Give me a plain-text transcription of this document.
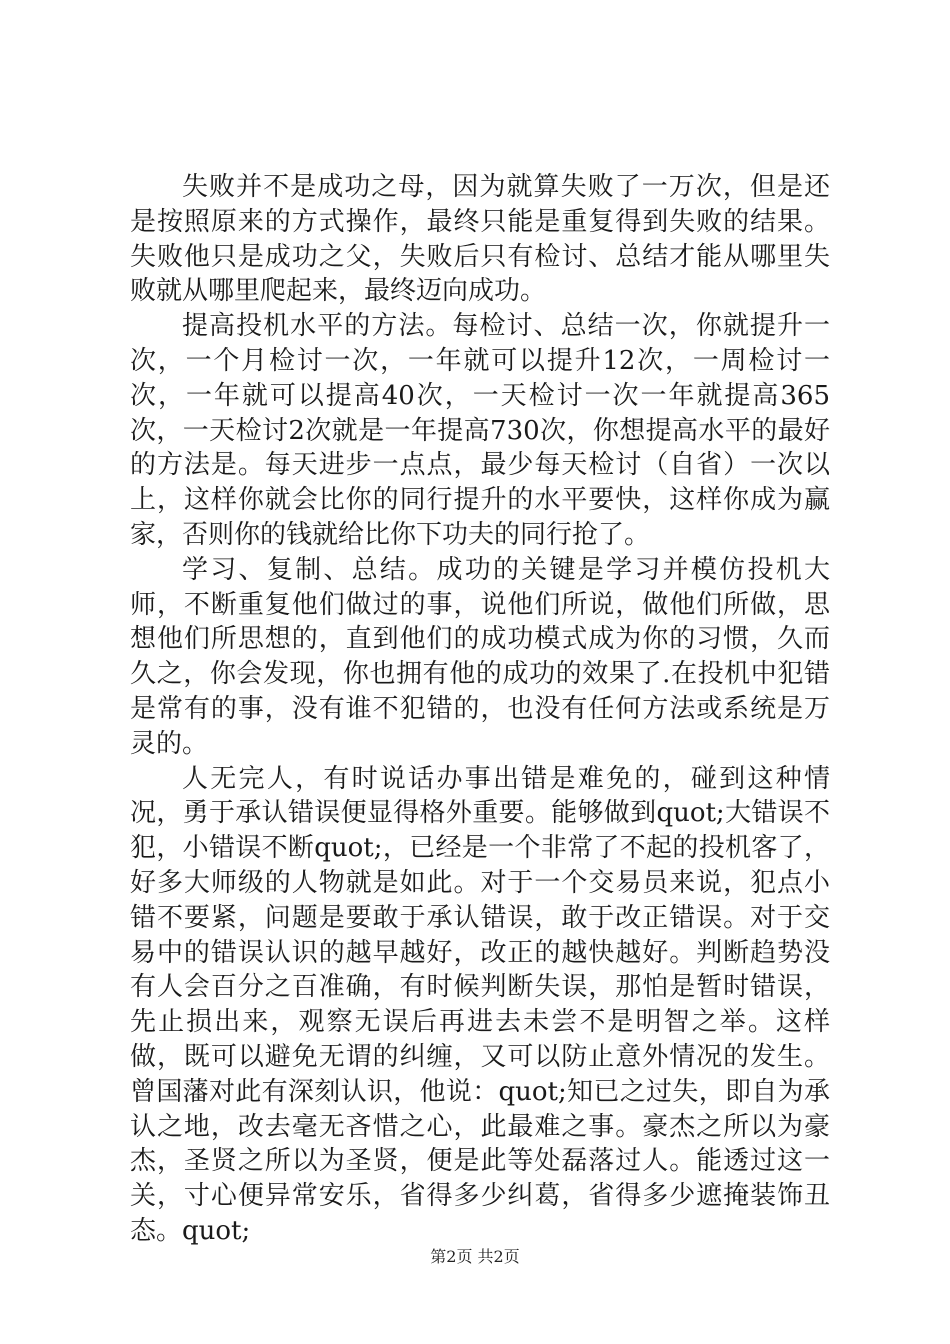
失败并不是成功之母，因为就算失败了一万次，但是还是按照原来的方式操作，最终只能是重复得到失败的结果。失败他只是成功之父，失败后只有检讨、总结才能从哪里失败就从哪里爬起来，最终迈向成功。

提高投机水平的方法。每检讨、总结一次，你就提升一次，一个月检讨一次，一年就可以提升12次，一周检讨一次，一年就可以提高40次，一天检讨一次一年就提高365次，一天检讨2次就是一年提高730次，你想提高水平的最好的方法是。每天进步一点点，最少每天检讨（自省）一次以上，这样你就会比你的同行提升的水平要快，这样你成为赢家，否则你的钱就给比你下功夫的同行抢了。

学习、复制、总结。成功的关键是学习并模仿投机大师，不断重复他们做过的事，说他们所说，做他们所做，思想他们所思想的，直到他们的成功模式成为你的习惯，久而久之，你会发现，你也拥有他的成功的效果了.在投机中犯错是常有的事，没有谁不犯错的，也没有任何方法或系统是万灵的。

人无完人，有时说话办事出错是难免的，碰到这种情况，勇于承认错误便显得格外重要。能够做到quot;大错误不犯，小错误不断quot;，已经是一个非常了不起的投机客了，好多大师级的人物就是如此。对于一个交易员来说，犯点小错不要紧，问题是要敢于承认错误，敢于改正错误。对于交易中的错误认识的越早越好，改正的越快越好。判断趋势没有人会百分之百准确，有时候判断失误，那怕是暂时错误，先止损出来，观察无误后再进去未尝不是明智之举。这样做，既可以避免无谓的纠缠，又可以防止意外情况的发生。曾国藩对此有深刻认识，他说：quot;知已之过失，即自为承认之地，改去毫无吝惜之心，此最难之事。豪杰之所以为豪杰，圣贤之所以为圣贤，便是此等处磊落过人。能透过这一关，寸心便异常安乐，省得多少纠葛，省得多少遮掩装饰丑态。quot;

第2页 共2页
